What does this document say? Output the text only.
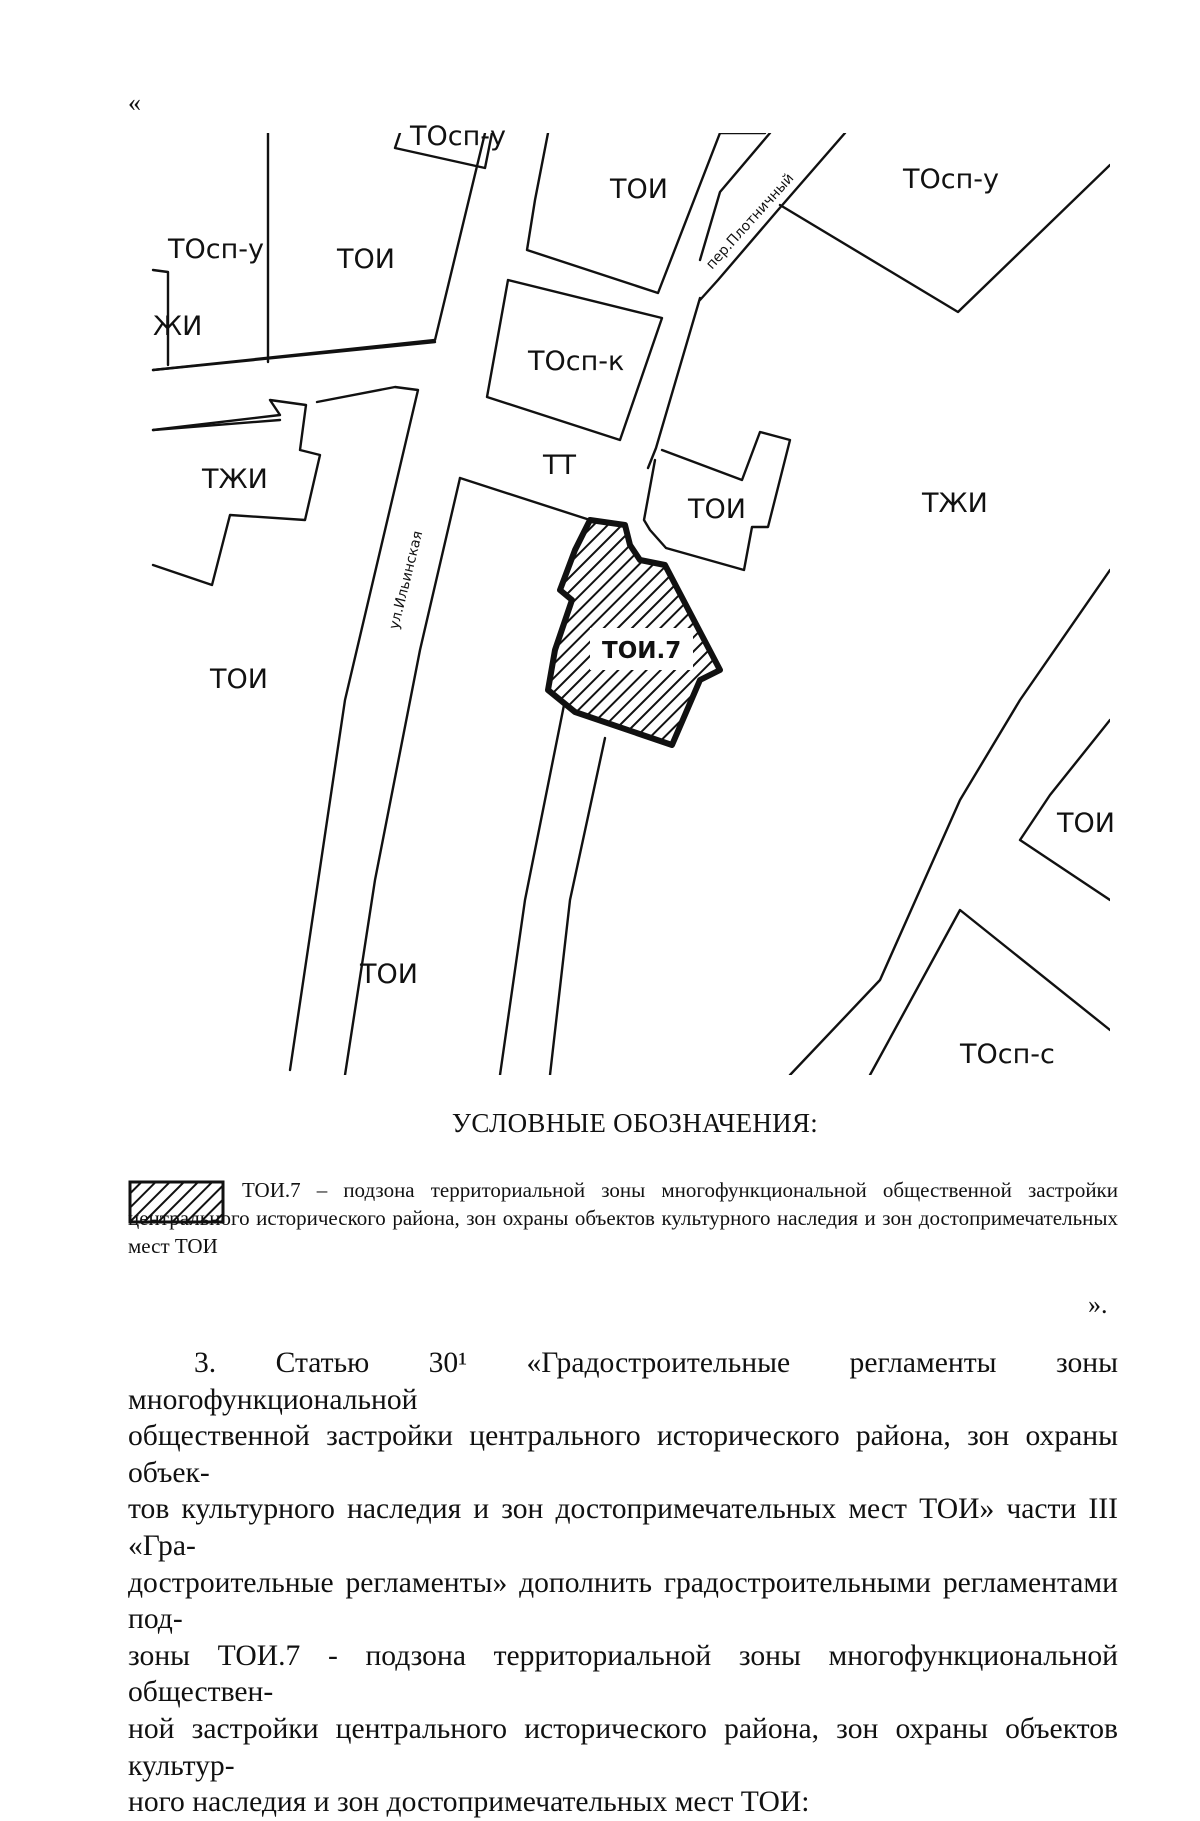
«
ТОсп-у
ТОИ	ТОсп-у
ТОсп-у	ТОИ
ЖИ
ТОсп-к
ТТ
ТЖИ
ТОИ	ТЖИ
ТОИ.7
ТОИ
ТОИ
ТОИ
ТОсп-с
ул.Ильинская
пер.Плотничный
УСЛОВНЫЕ ОБОЗНАЧЕНИЯ:
ТОИ.7 – подзона территориальной зоны многофункциональной общественной застройки центрального исторического района, зон охраны объектов культурного наследия и зон достопримечательных мест ТОИ
».
3. Статью 30¹ «Градостроительные регламенты зоны многофункциональной
общественной застройки центрального исторического района, зон охраны объек-
тов культурного наследия и зон достопримечательных мест ТОИ» части III «Гра-
достроительные регламенты» дополнить градостроительными регламентами под-
зоны ТОИ.7 - подзона территориальной зоны многофункциональной обществен-
ной застройки центрального исторического района, зон охраны объектов культур-
ного наследия и зон достопримечательных мест ТОИ:
